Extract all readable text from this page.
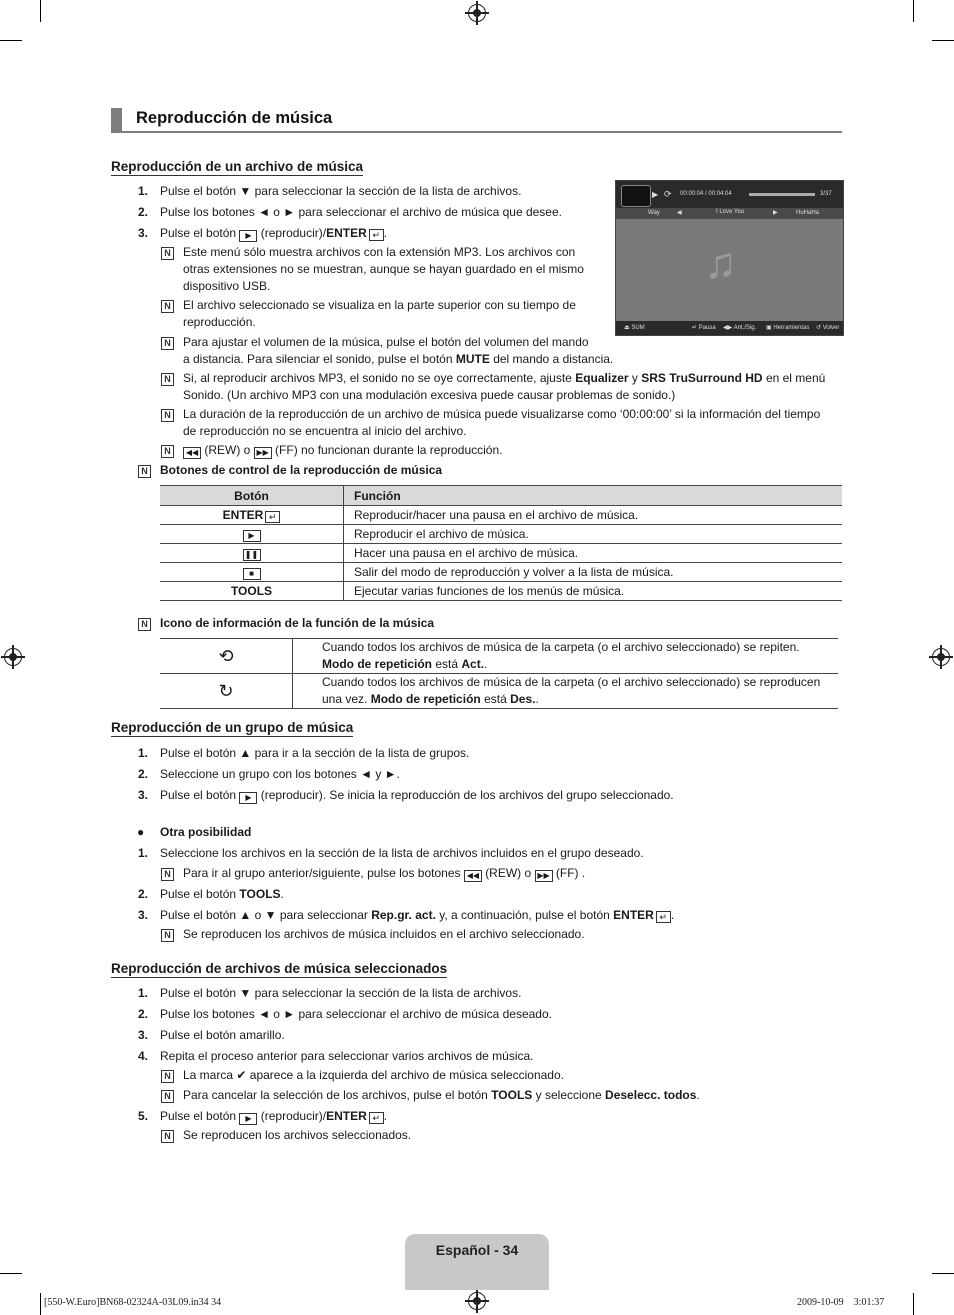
Reproducción de música
Reproducción de un archivo de música
1. Pulse el botón ▼ para seleccionar la sección de la lista de archivos.
2. Pulse los botones ◄ o ► para seleccionar el archivo de música que desee.
3. Pulse el botón ▶ (reproducir)/ENTER ↵ .
N Este menú sólo muestra archivos con la extensión MP3. Los archivos con
otras extensiones no se muestran, aunque se hayan guardado en el mismo
dispositivo USB.
N El archivo seleccionado se visualiza en la parte superior con su tiempo de
reproducción.
N Para ajustar el volumen de la música, pulse el botón del volumen del mando
a distancia. Para silenciar el sonido, pulse el botón MUTE del mando a distancia.
N Si, al reproducir archivos MP3, el sonido no se oye correctamente, ajuste Equalizer y SRS TruSurround HD en el menú
Sonido. (Un archivo MP3 con una modulación excesiva puede causar problemas de sonido.)
N La duración de la reproducción de un archivo de música puede visualizarse como ‘00:00:00’ si la información del tiempo
de reproducción no se encuentra al inicio del archivo.
N	◀◀ (REW) o ▶▶ (FF) no funcionan durante la reproducción.
▶ ⟳ 00:00:04 / 00:04:04	3/37
Way	◀	I Love You	▶	HuHaHa
♫
⏏ SUM	↵ Pausa ◀▶ Ant./Sig. ▣ Herramientas ↺ Volver
N Botones de control de la reproducción de música
Botón	Función
ENTER ↵	Reproducir/hacer una pausa en el archivo de música.
▶	Reproducir el archivo de música.
❚❚	Hacer una pausa en el archivo de música.
■	Salir del modo de reproducción y volver a la lista de música.
TOOLS	Ejecutar varias funciones de los menús de música.
N Icono de información de la función de la música
⟲	Cuando todos los archivos de música de la carpeta (o el archivo seleccionado) se repiten.
Modo de repetición está Act..
↻	Cuando todos los archivos de música de la carpeta (o el archivo seleccionado) se reproducen
una vez. Modo de repetición está Des..
Reproducción de un grupo de música
1. Pulse el botón ▲ para ir a la sección de la lista de grupos.
2. Seleccione un grupo con los botones ◄ y ►.
3. Pulse el botón ▶ (reproducir). Se inicia la reproducción de los archivos del grupo seleccionado.
● Otra posibilidad
1. Seleccione los archivos en la sección de la lista de archivos incluidos en el grupo deseado.
N Para ir al grupo anterior/siguiente, pulse los botones ◀◀ (REW) o ▶▶ (FF) .
2. Pulse el botón TOOLS.
3. Pulse el botón ▲ o ▼ para seleccionar Rep.gr. act. y, a continuación, pulse el botón ENTER ↵ .
N Se reproducen los archivos de música incluidos en el archivo seleccionado.
Reproducción de archivos de música seleccionados
1. Pulse el botón ▼ para seleccionar la sección de la lista de archivos.
2. Pulse los botones ◄ o ► para seleccionar el archivo de música deseado.
3. Pulse el botón amarillo.
4. Repita el proceso anterior para seleccionar varios archivos de música.
N La marca ✔ aparece a la izquierda del archivo de música seleccionado.
N Para cancelar la selección de los archivos, pulse el botón TOOLS y seleccione Deselecc. todos.
5. Pulse el botón ▶ (reproducir)/ENTER ↵ .
N Se reproducen los archivos seleccionados.
Español - 34
[550-W.Euro]BN68-02324A-03L09.in34 34	2009-10-09    3:01:37
